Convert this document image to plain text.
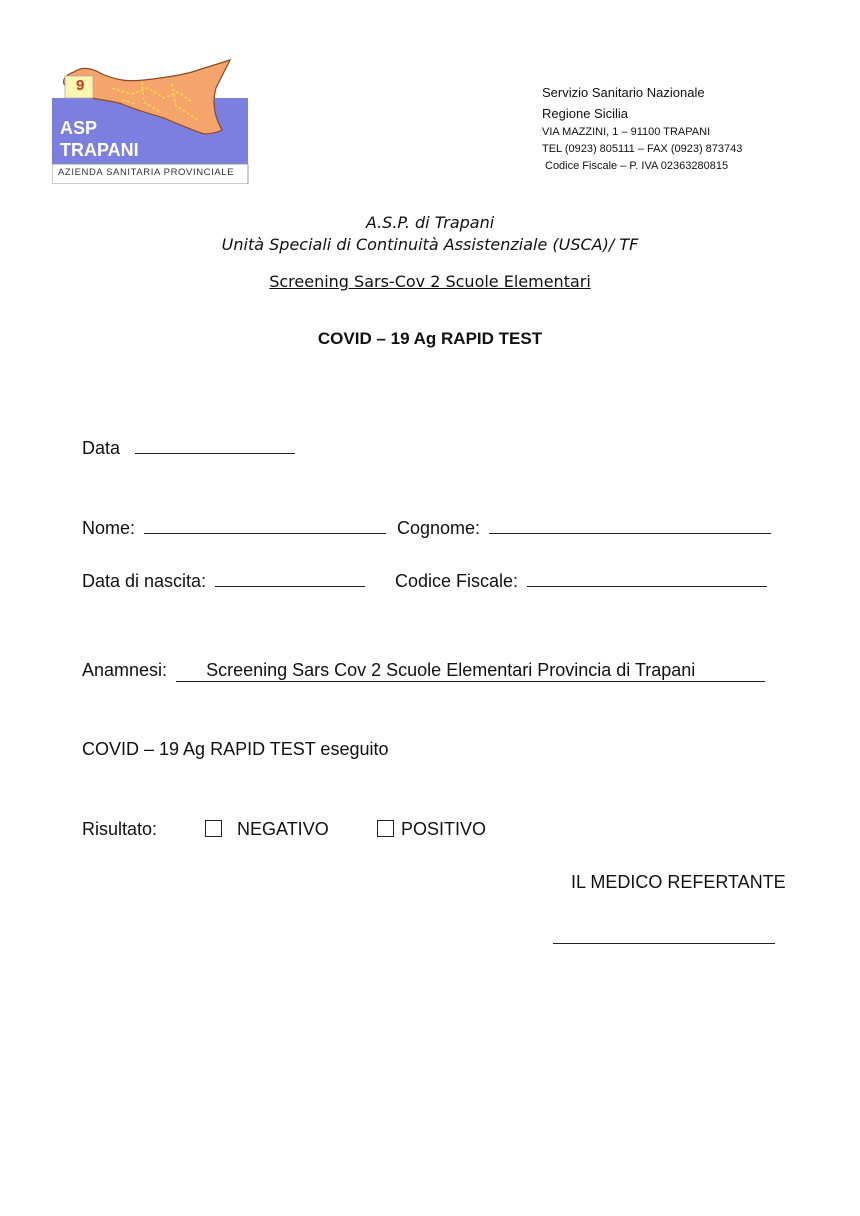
9
ASP
TRAPANI
AZIENDA SANITARIA PROVINCIALE
Servizio Sanitario Nazionale
Regione Sicilia
VIA MAZZINI, 1 – 91100 TRAPANI
TEL (0923) 805111 – FAX (0923) 873743
Codice Fiscale – P. IVA 02363280815
A.S.P. di Trapani
Unità Speciali di Continuità Assistenziale (USCA)/ TF
Screening Sars-Cov 2 Scuole Elementari
COVID – 19 Ag RAPID TEST
Data
Nome:	Cognome:
Data di nascita:	Codice Fiscale:
Anamnesi: Screening Sars Cov 2 Scuole Elementari Provincia di Trapani
COVID – 19 Ag RAPID TEST eseguito
Risultato:	NEGATIVO	POSITIVO
IL MEDICO REFERTANTE
